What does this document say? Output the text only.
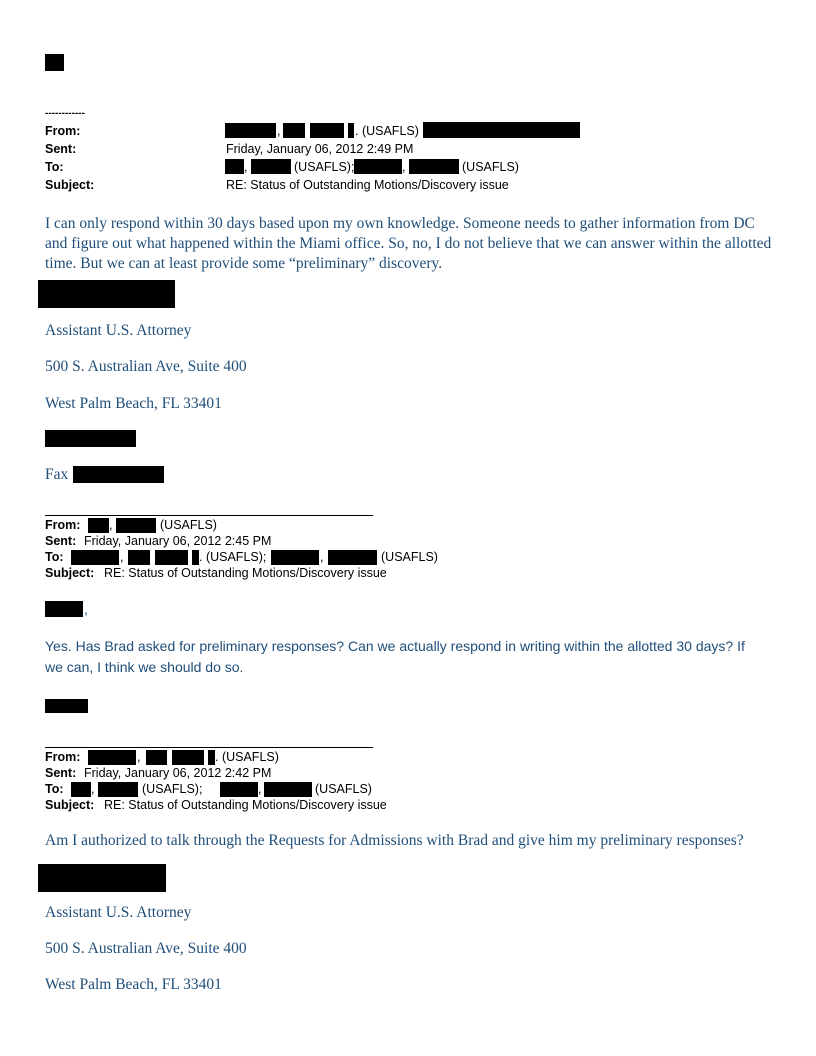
------------
From:	,	. (USAFLS)
Sent:	Friday, January 06, 2012 2:49 PM
To:	,	(USAFLS);	,	(USAFLS)
Subject:	RE: Status of Outstanding Motions/Discovery issue
I can only respond within 30 days based upon my own knowledge. Someone needs to gather information from DC and figure out what happened within the Miami office. So, no, I do not believe that we can answer within the allotted time. But we can at least provide some “preliminary” discovery.
Assistant U.S. Attorney
500 S. Australian Ave, Suite 400
West Palm Beach, FL 33401
Fax
From: ,	(USAFLS)
Sent: Friday, January 06, 2012 2:45 PM
To:	,	. (USAFLS);	,	(USAFLS)
Subject: RE: Status of Outstanding Motions/Discovery issue
,
Yes. Has Brad asked for preliminary responses? Can we actually respond in writing within the allotted 30 days? If we can, I think we should do so.
From:	,	. (USAFLS)
Sent: Friday, January 06, 2012 2:42 PM
To: ,	(USAFLS);	,	(USAFLS)
Subject: RE: Status of Outstanding Motions/Discovery issue
Am I authorized to talk through the Requests for Admissions with Brad and give him my preliminary responses?
Assistant U.S. Attorney
500 S. Australian Ave, Suite 400
West Palm Beach, FL 33401
